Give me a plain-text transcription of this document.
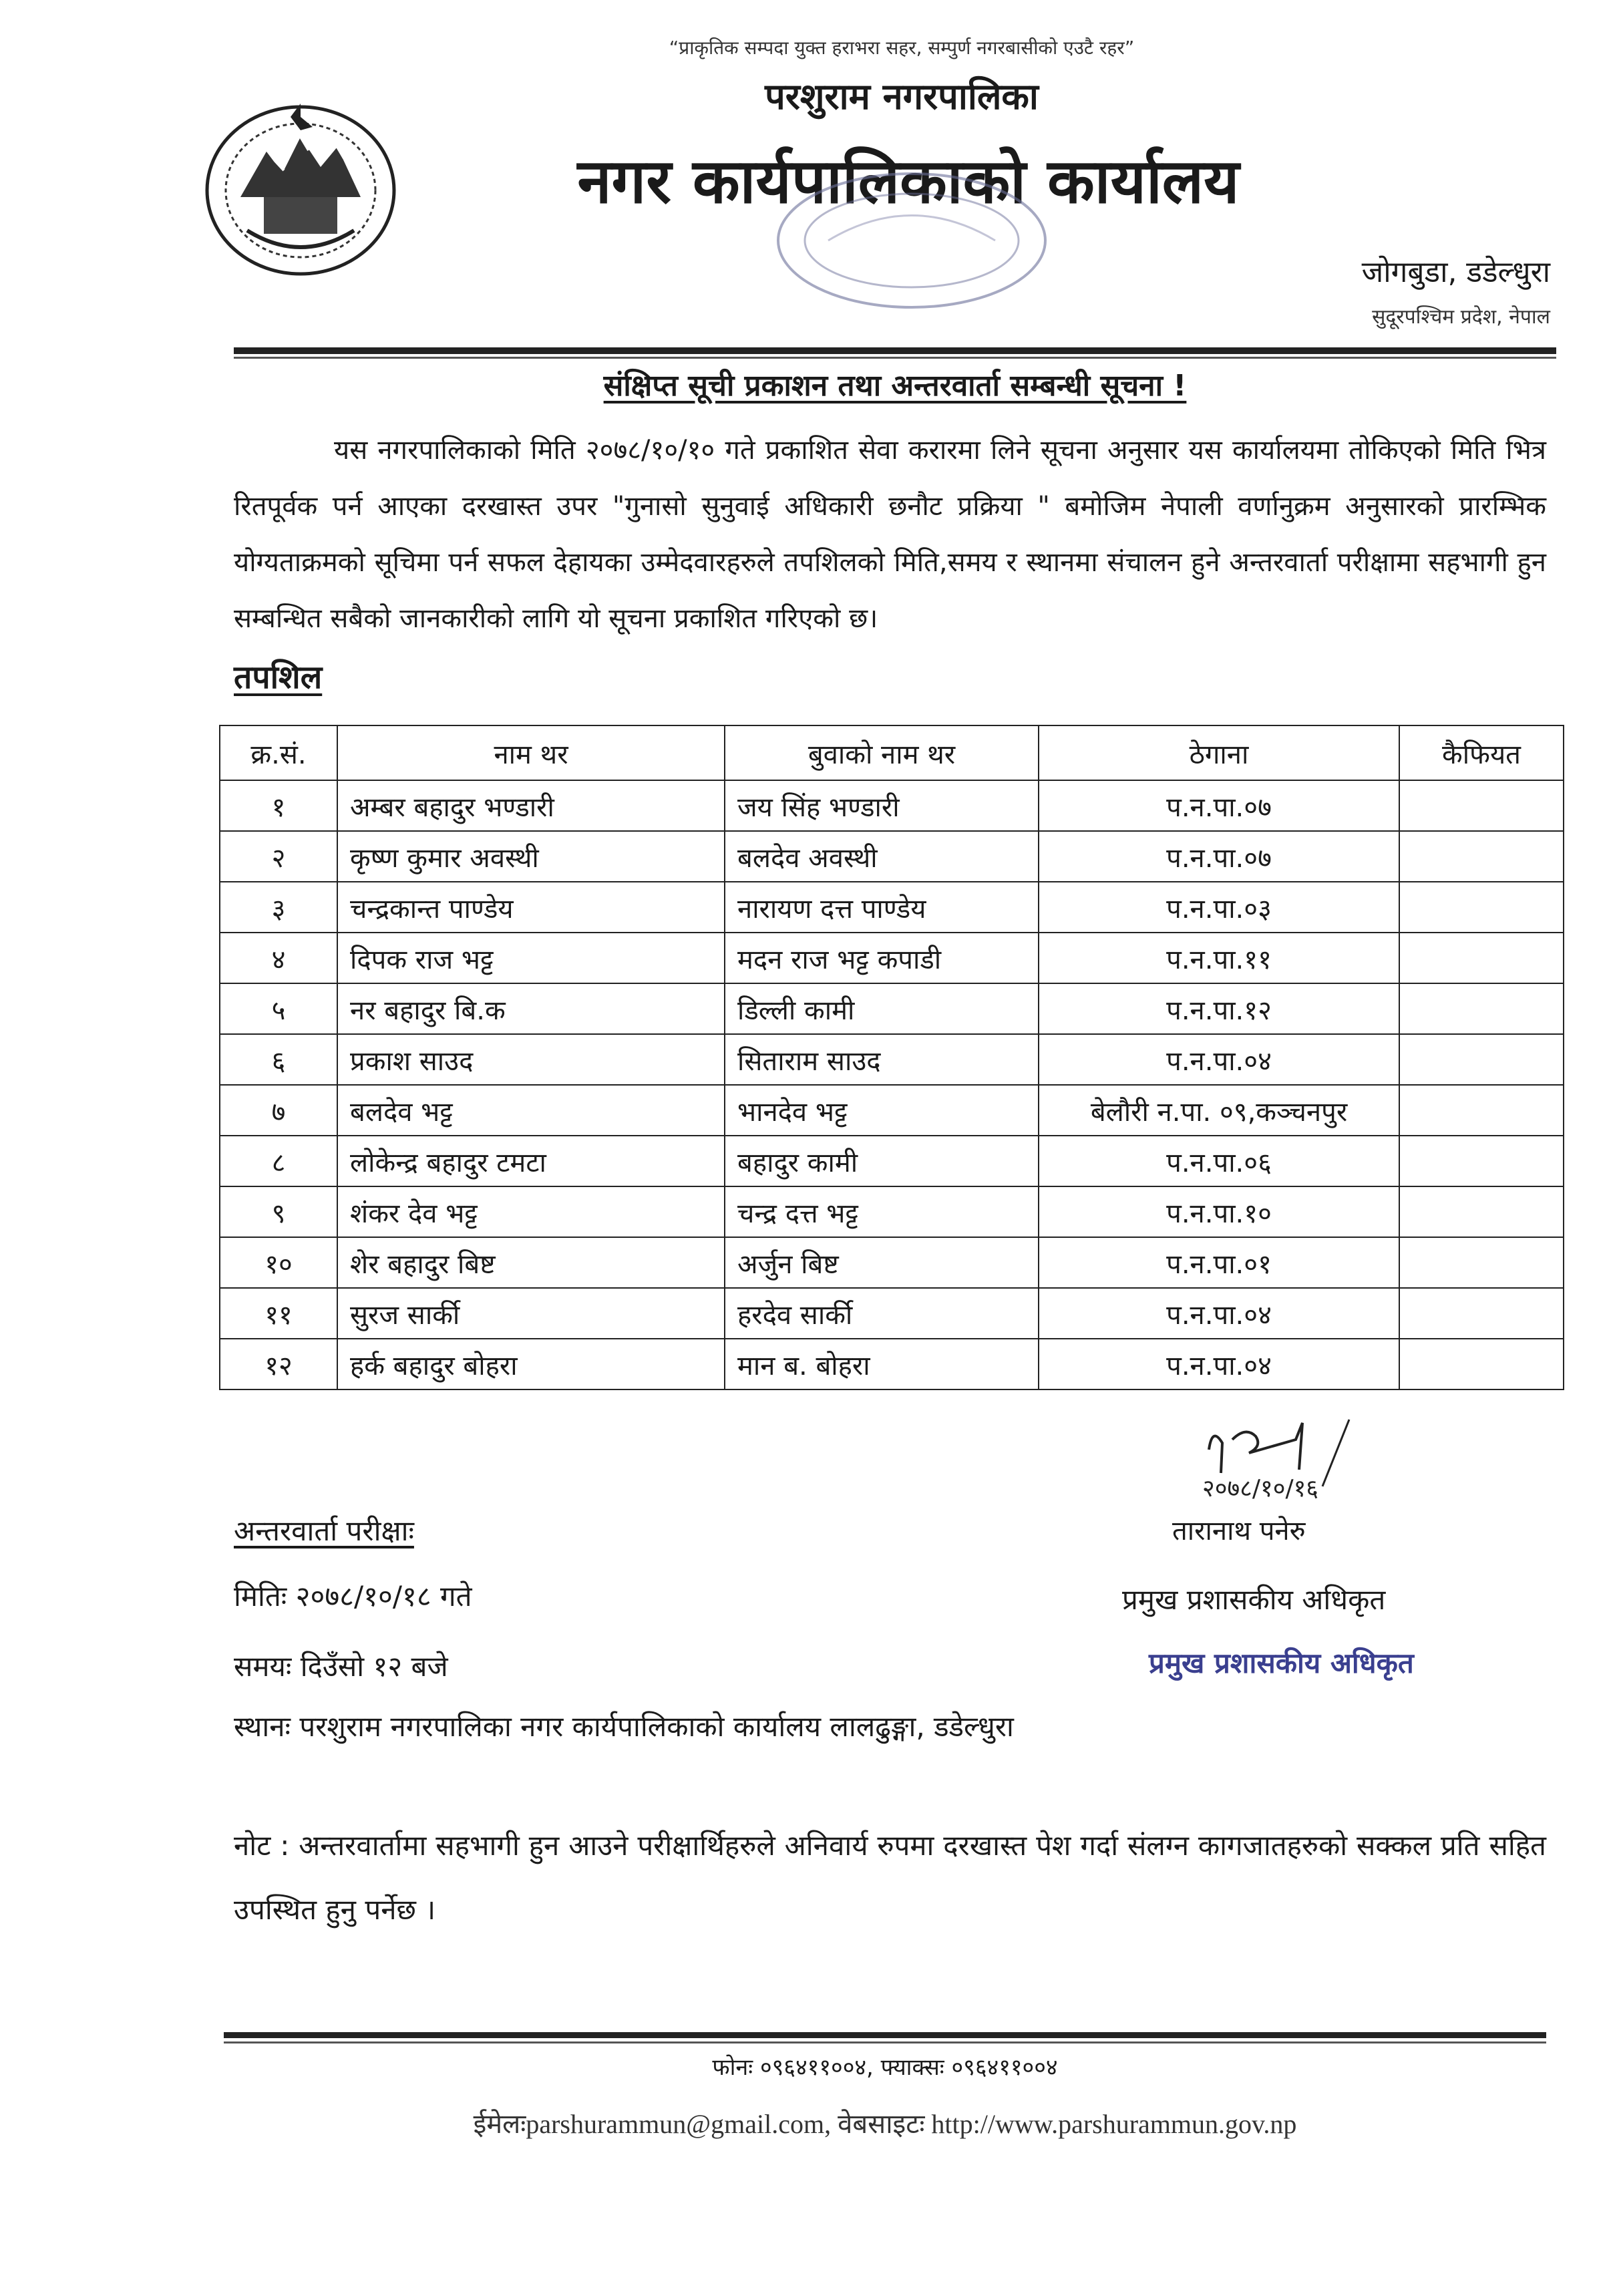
“प्राकृतिक सम्पदा युक्त हराभरा सहर, सम्पुर्ण नगरबासीको एउटै रहर”
परशुराम नगरपालिका
नगर कार्यपालिकाको कार्यालय
जोगबुडा, डडेल्धुरा
सुदूरपश्चिम प्रदेश, नेपाल
संक्षिप्त सूची प्रकाशन तथा अन्तरवार्ता सम्बन्धी सूचना !
यस नगरपालिकाको मिति २०७८/१०/१० गते प्रकाशित सेवा करारमा लिने सूचना अनुसार यस कार्यालयमा तोकिएको मिति भित्र रितपूर्वक पर्न आएका दरखास्त उपर "गुनासो सुनुवाई अधिकारी छनौट प्रक्रिया " बमोजिम नेपाली वर्णानुक्रम अनुसारको प्रारम्भिक योग्यताक्रमको सूचिमा पर्न सफल देहायका उम्मेदवारहरुले तपशिलको मिति,समय र स्थानमा संचालन हुने अन्तरवार्ता परीक्षामा सहभागी हुन सम्बन्धित सबैको जानकारीको लागि यो सूचना प्रकाशित गरिएको छ।
तपशिल
क्र.सं.	नाम थर	बुवाको नाम थर	ठेगाना	कैफियत
१	अम्बर बहादुर भण्डारी	जय सिंह भण्डारी	प.न.पा.०७	
२	कृष्ण कुमार अवस्थी	बलदेव अवस्थी	प.न.पा.०७	
३	चन्द्रकान्त पाण्डेय	नारायण दत्त पाण्डेय	प.न.पा.०३	
४	दिपक राज भट्ट	मदन राज भट्ट कपाडी	प.न.पा.११	
५	नर बहादुर बि.क	डिल्ली कामी	प.न.पा.१२	
६	प्रकाश साउद	सिताराम साउद	प.न.पा.०४	
७	बलदेव भट्ट	भानदेव भट्ट	बेलौरी न.पा. ०९,कञ्चनपुर	
८	लोकेन्द्र बहादुर टमटा	बहादुर कामी	प.न.पा.०६	
९	शंकर देव भट्ट	चन्द्र दत्त भट्ट	प.न.पा.१०	
१०	शेर बहादुर बिष्ट	अर्जुन बिष्ट	प.न.पा.०१	
११	सुरज सार्की	हरदेव सार्की	प.न.पा.०४	
१२	हर्क बहादुर बोहरा	मान ब. बोहरा	प.न.पा.०४	
२०७८/१०/१६
तारानाथ पनेरु
प्रमुख प्रशासकीय अधिकृत
प्रमुख प्रशासकीय अधिकृत
अन्तरवार्ता परीक्षाः
मितिः २०७८/१०/१८ गते
समयः दिउँसो १२ बजे
स्थानः परशुराम नगरपालिका नगर कार्यपालिकाको कार्यालय लालढुङ्गा, डडेल्धुरा
नोट : अन्तरवार्तामा सहभागी हुन आउने परीक्षार्थिहरुले अनिवार्य रुपमा दरखास्त पेश गर्दा संलग्न कागजातहरुको सक्कल प्रति सहित उपस्थित हुनु पर्नेछ ।
फोनः ०९६४११००४, फ्याक्सः ०९६४११००४
ईमेलःparshurammun@gmail.com, वेबसाइटः http://www.parshurammun.gov.np
